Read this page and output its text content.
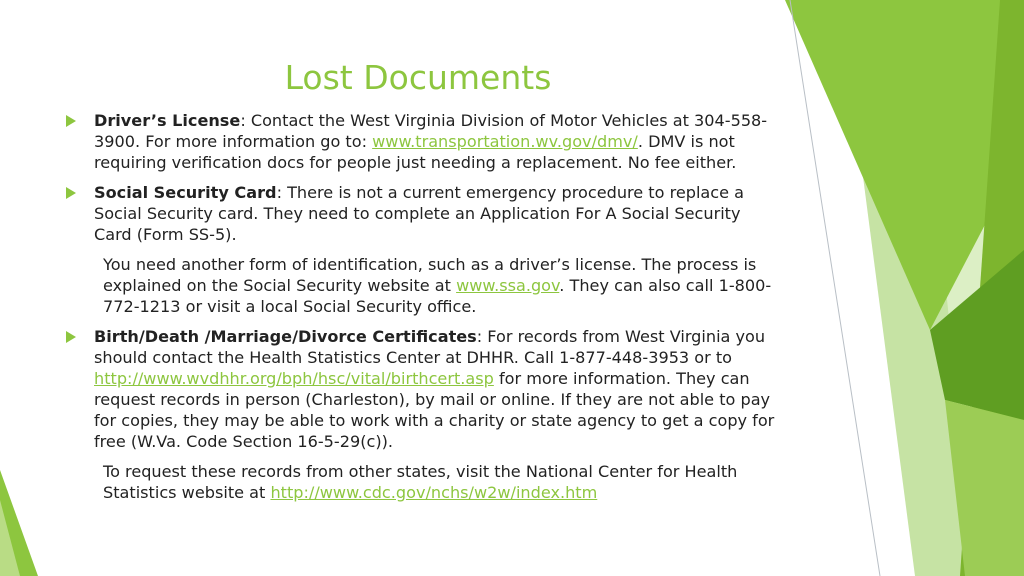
Lost Documents
Driver’s License: Contact the West Virginia Division of Motor Vehicles at 304-558-3900. For more information go to: www.transportation.wv.gov/dmv/. DMV is not requiring verification docs for people just needing a replacement. No fee either.
Social Security Card: There is not a current emergency procedure to replace a Social Security card. They need to complete an Application For A Social Security Card (Form SS-5).
You need another form of identification, such as a driver’s license. The process is explained on the Social Security website at www.ssa.gov. They can also call 1-800-772-1213 or visit a local Social Security office.
Birth/Death /Marriage/Divorce Certificates: For records from West Virginia you should contact the Health Statistics Center at DHHR. Call 1-877-448-3953 or to http://www.wvdhhr.org/bph/hsc/vital/birthcert.asp for more information. They can request records in person (Charleston), by mail or online. If they are not able to pay for copies, they may be able to work with a charity or state agency to get a copy for free (W.Va. Code Section 16-5-29(c)).
To request these records from other states, visit the National Center for Health Statistics website at http://www.cdc.gov/nchs/w2w/index.htm
